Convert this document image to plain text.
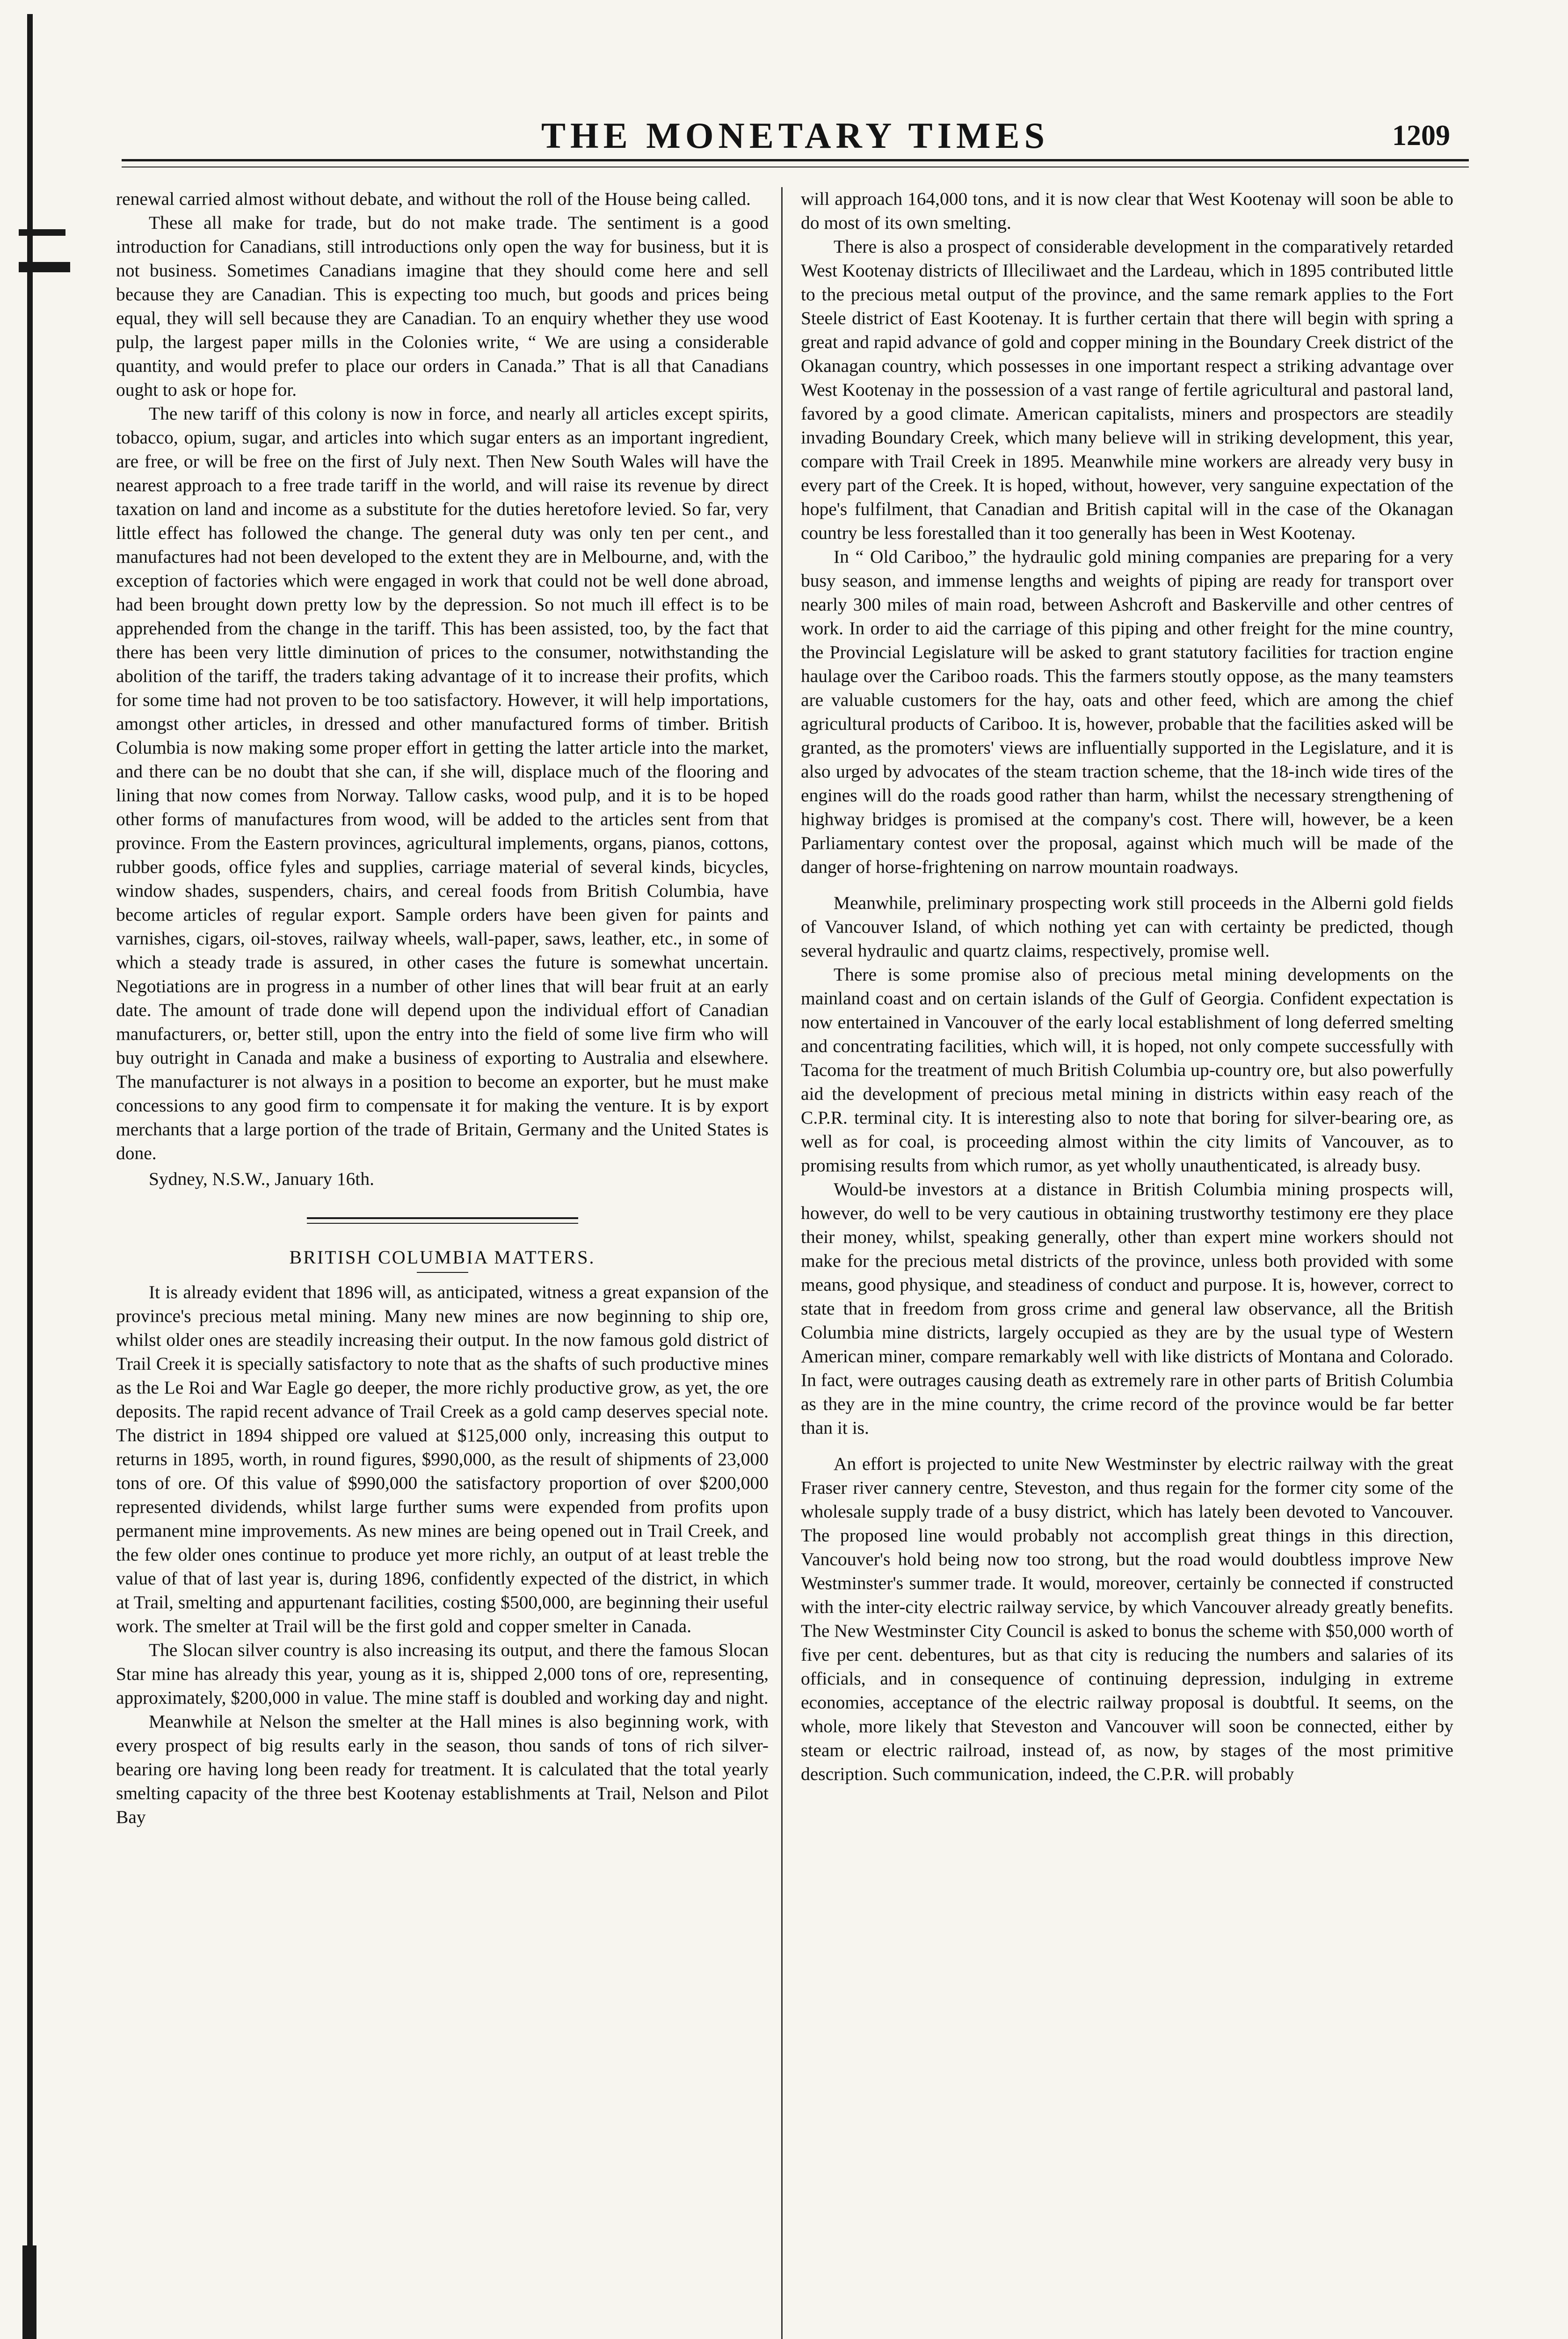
THE MONETARY TIMES	1209

renewal carried almost without debate, and without the roll of the House being called.

These all make for trade, but do not make trade. The sentiment is a good introduction for Canadians, still introductions only open the way for business, but it is not business. Sometimes Canadians imagine that they should come here and sell because they are Canadian. This is expecting too much, but goods and prices being equal, they will sell because they are Canadian. To an enquiry whether they use wood pulp, the largest paper mills in the Colonies write, “ We are using a considerable quantity, and would prefer to place our orders in Canada.” That is all that Canadians ought to ask or hope for.

The new tariff of this colony is now in force, and nearly all articles except spirits, tobacco, opium, sugar, and articles into which sugar enters as an important ingredient, are free, or will be free on the first of July next. Then New South Wales will have the nearest approach to a free trade tariff in the world, and will raise its revenue by direct taxation on land and income as a substitute for the duties heretofore levied. So far, very little effect has followed the change. The general duty was only ten per cent., and manufactures had not been developed to the extent they are in Melbourne, and, with the exception of factories which were engaged in work that could not be well done abroad, had been brought down pretty low by the depression. So not much ill effect is to be apprehended from the change in the tariff. This has been assisted, too, by the fact that there has been very little diminution of prices to the consumer, notwithstanding the abolition of the tariff, the traders taking advantage of it to increase their profits, which for some time had not proven to be too satisfactory. However, it will help importations, amongst other articles, in dressed and other manufactured forms of timber. British Columbia is now making some proper effort in getting the latter article into the market, and there can be no doubt that she can, if she will, displace much of the flooring and lining that now comes from Norway. Tallow casks, wood pulp, and it is to be hoped other forms of manufactures from wood, will be added to the articles sent from that province. From the Eastern provinces, agricultural implements, organs, pianos, cottons, rubber goods, office fyles and supplies, carriage material of several kinds, bicycles, window shades, suspenders, chairs, and cereal foods from British Columbia, have become articles of regular export. Sample orders have been given for paints and varnishes, cigars, oil-stoves, railway wheels, wall-paper, saws, leather, etc., in some of which a steady trade is assured, in other cases the future is somewhat uncertain. Negotiations are in progress in a number of other lines that will bear fruit at an early date. The amount of trade done will depend upon the individual effort of Canadian manufacturers, or, better still, upon the entry into the field of some live firm who will buy outright in Canada and make a business of exporting to Australia and elsewhere. The manufacturer is not always in a position to become an exporter, but he must make concessions to any good firm to compensate it for making the venture. It is by export merchants that a large portion of the trade of Britain, Germany and the United States is done.

Sydney, N.S.W., January 16th.

BRITISH COLUMBIA MATTERS.

It is already evident that 1896 will, as anticipated, witness a great expansion of the province's precious metal mining. Many new mines are now beginning to ship ore, whilst older ones are steadily increasing their output. In the now famous gold district of Trail Creek it is specially satisfactory to note that as the shafts of such productive mines as the Le Roi and War Eagle go deeper, the more richly productive grow, as yet, the ore deposits. The rapid recent advance of Trail Creek as a gold camp deserves special note. The district in 1894 shipped ore valued at $125,000 only, increasing this output to returns in 1895, worth, in round figures, $990,000, as the result of shipments of 23,000 tons of ore. Of this value of $990,000 the satisfactory proportion of over $200,000 represented dividends, whilst large further sums were expended from profits upon permanent mine improvements. As new mines are being opened out in Trail Creek, and the few older ones continue to produce yet more richly, an output of at least treble the value of that of last year is, during 1896, confidently expected of the district, in which at Trail, smelting and appurtenant facilities, costing $500,000, are beginning their useful work. The smelter at Trail will be the first gold and copper smelter in Canada.

The Slocan silver country is also increasing its output, and there the famous Slocan Star mine has already this year, young as it is, shipped 2,000 tons of ore, representing, approximately, $200,000 in value. The mine staff is doubled and working day and night.

Meanwhile at Nelson the smelter at the Hall mines is also beginning work, with every prospect of big results early in the season, thou sands of tons of rich silver-bearing ore having long been ready for treatment. It is calculated that the total yearly smelting capacity of the three best Kootenay establishments at Trail, Nelson and Pilot Bay

will approach 164,000 tons, and it is now clear that West Kootenay will soon be able to do most of its own smelting.

There is also a prospect of considerable development in the comparatively retarded West Kootenay districts of Illeciliwaet and the Lardeau, which in 1895 contributed little to the precious metal output of the province, and the same remark applies to the Fort Steele district of East Kootenay. It is further certain that there will begin with spring a great and rapid advance of gold and copper mining in the Boundary Creek district of the Okanagan country, which possesses in one important respect a striking advantage over West Kootenay in the possession of a vast range of fertile agricultural and pastoral land, favored by a good climate. American capitalists, miners and prospectors are steadily invading Boundary Creek, which many believe will in striking development, this year, compare with Trail Creek in 1895. Meanwhile mine workers are already very busy in every part of the Creek. It is hoped, without, however, very sanguine expectation of the hope's fulfilment, that Canadian and British capital will in the case of the Okanagan country be less forestalled than it too generally has been in West Kootenay.

In “ Old Cariboo,” the hydraulic gold mining companies are preparing for a very busy season, and immense lengths and weights of piping are ready for transport over nearly 300 miles of main road, between Ashcroft and Baskerville and other centres of work. In order to aid the carriage of this piping and other freight for the mine country, the Provincial Legislature will be asked to grant statutory facilities for traction engine haulage over the Cariboo roads. This the farmers stoutly oppose, as the many teamsters are valuable customers for the hay, oats and other feed, which are among the chief agricultural products of Cariboo. It is, however, probable that the facilities asked will be granted, as the promoters' views are influentially supported in the Legislature, and it is also urged by advocates of the steam traction scheme, that the 18-inch wide tires of the engines will do the roads good rather than harm, whilst the necessary strengthening of highway bridges is promised at the company's cost. There will, however, be a keen Parliamentary contest over the proposal, against which much will be made of the danger of horse-frightening on narrow mountain roadways.

Meanwhile, preliminary prospecting work still proceeds in the Alberni gold fields of Vancouver Island, of which nothing yet can with certainty be predicted, though several hydraulic and quartz claims, respectively, promise well.

There is some promise also of precious metal mining developments on the mainland coast and on certain islands of the Gulf of Georgia. Confident expectation is now entertained in Vancouver of the early local establishment of long deferred smelting and concentrating facilities, which will, it is hoped, not only compete successfully with Tacoma for the treatment of much British Columbia up-country ore, but also powerfully aid the development of precious metal mining in districts within easy reach of the C.P.R. terminal city. It is interesting also to note that boring for silver-bearing ore, as well as for coal, is proceeding almost within the city limits of Vancouver, as to promising results from which rumor, as yet wholly unauthenticated, is already busy.

Would-be investors at a distance in British Columbia mining prospects will, however, do well to be very cautious in obtaining trustworthy testimony ere they place their money, whilst, speaking generally, other than expert mine workers should not make for the precious metal districts of the province, unless both provided with some means, good physique, and steadiness of conduct and purpose. It is, however, correct to state that in freedom from gross crime and general law observance, all the British Columbia mine districts, largely occupied as they are by the usual type of Western American miner, compare remarkably well with like districts of Montana and Colorado. In fact, were outrages causing death as extremely rare in other parts of British Columbia as they are in the mine country, the crime record of the province would be far better than it is.

An effort is projected to unite New Westminster by electric railway with the great Fraser river cannery centre, Steveston, and thus regain for the former city some of the wholesale supply trade of a busy district, which has lately been devoted to Vancouver. The proposed line would probably not accomplish great things in this direction, Vancouver's hold being now too strong, but the road would doubtless improve New Westminster's summer trade. It would, moreover, certainly be connected if constructed with the inter-city electric railway service, by which Vancouver already greatly benefits. The New Westminster City Council is asked to bonus the scheme with $50,000 worth of five per cent. debentures, but as that city is reducing the numbers and salaries of its officials, and in consequence of continuing depression, indulging in extreme economies, acceptance of the electric railway proposal is doubtful. It seems, on the whole, more likely that Steveston and Vancouver will soon be connected, either by steam or electric railroad, instead of, as now, by stages of the most primitive description. Such communication, indeed, the C.P.R. will probably
